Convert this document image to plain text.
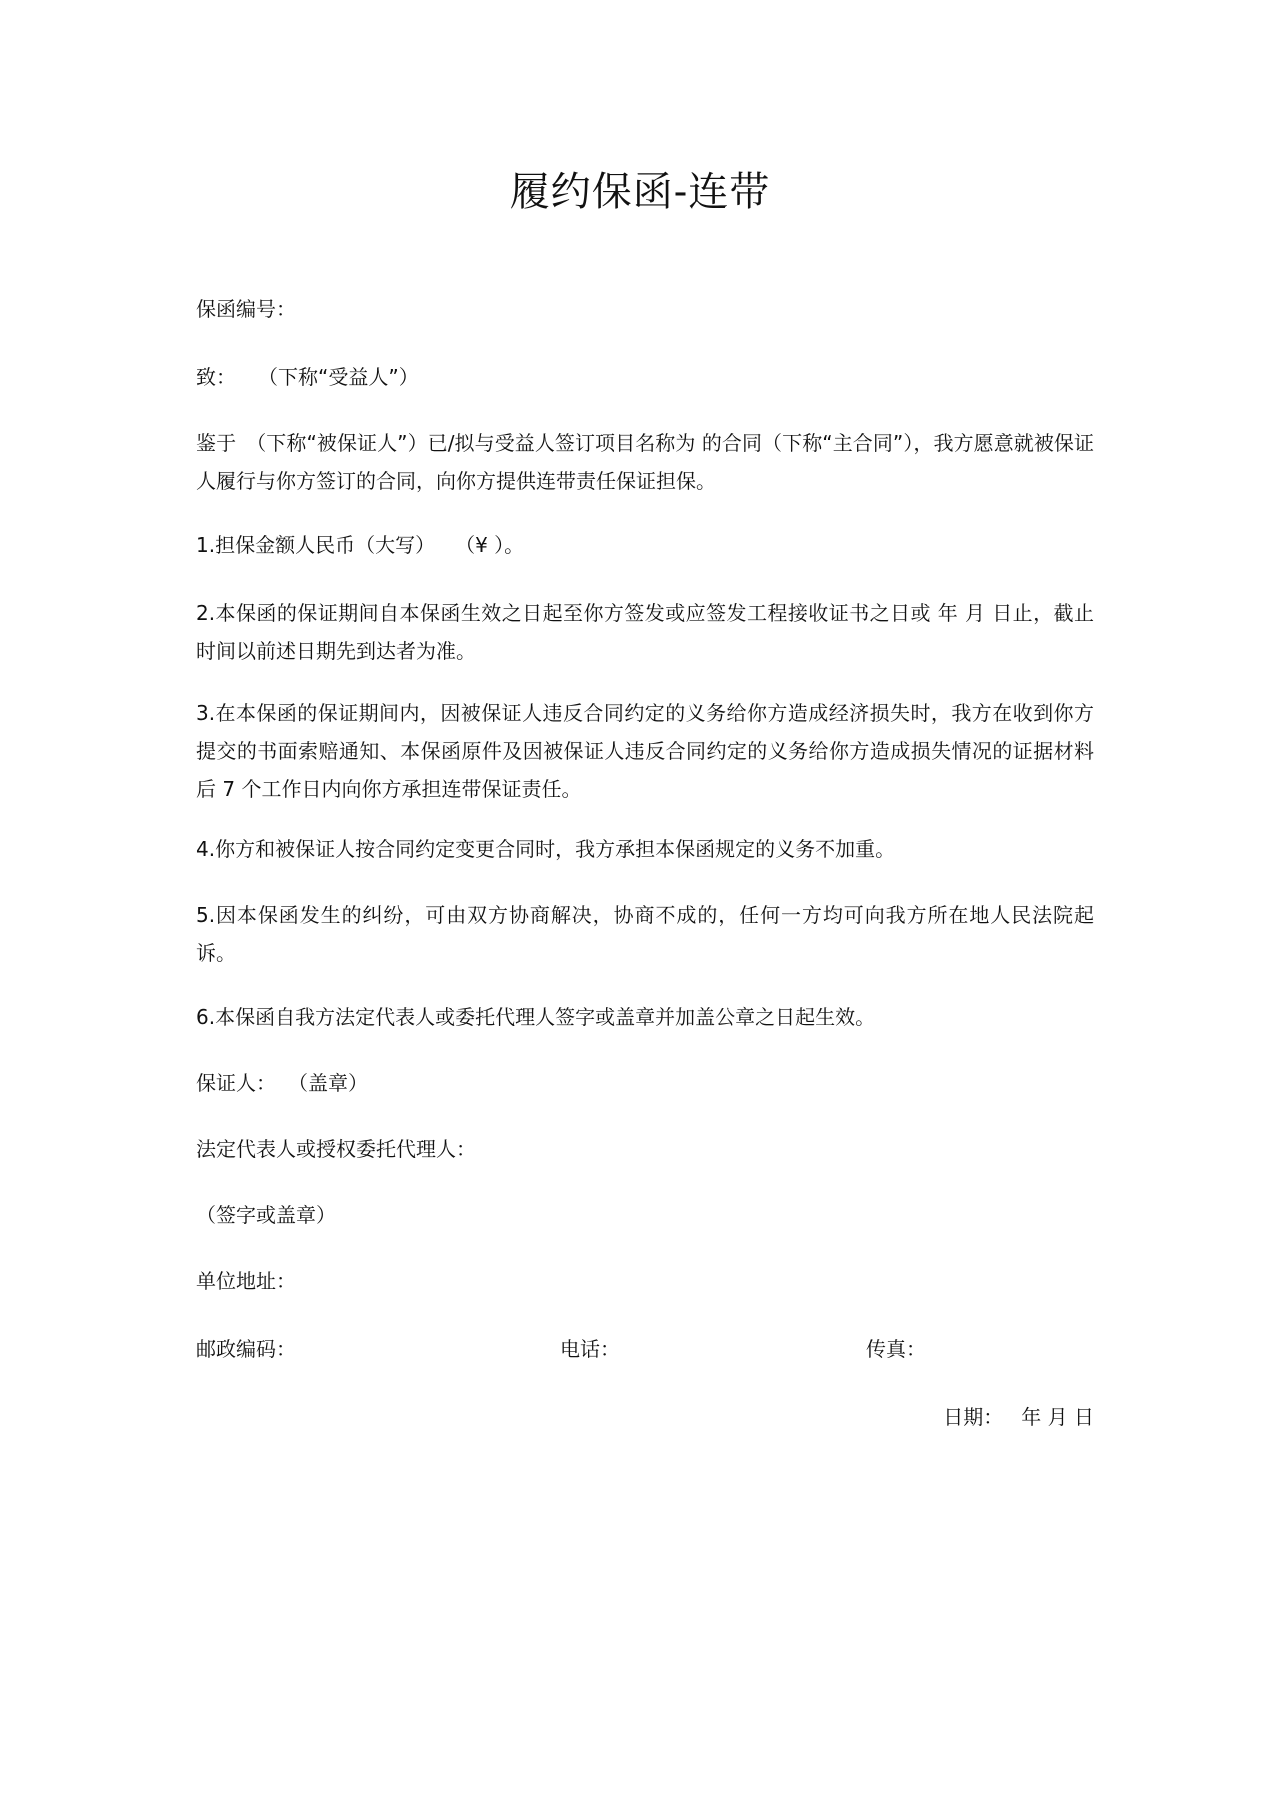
履约保函-连带
保函编号：
致： （下称“受益人”）
鉴于 （下称“被保证人”）已/拟与受益人签订项目名称为 的合同（下称“主合同”），我方愿意就被保证人履行与你方签订的合同，向你方提供连带责任保证担保。
1.担保金额人民币（大写） （¥ ）。
2.本保函的保证期间自本保函生效之日起至你方签发或应签发工程接收证书之日或 年 月 日止，截止时间以前述日期先到达者为准。
3.在本保函的保证期间内，因被保证人违反合同约定的义务给你方造成经济损失时，我方在收到你方提交的书面索赔通知、本保函原件及因被保证人违反合同约定的义务给你方造成损失情况的证据材料后 7 个工作日内向你方承担连带保证责任。
4.你方和被保证人按合同约定变更合同时，我方承担本保函规定的义务不加重。
5.因本保函发生的纠纷，可由双方协商解决，协商不成的，任何一方均可向我方所在地人民法院起诉。
6.本保函自我方法定代表人或委托代理人签字或盖章并加盖公章之日起生效。
保证人： （盖章）
法定代表人或授权委托代理人：
（签字或盖章）
单位地址：
邮政编码：	电话：	传真：
日期： 年 月 日
